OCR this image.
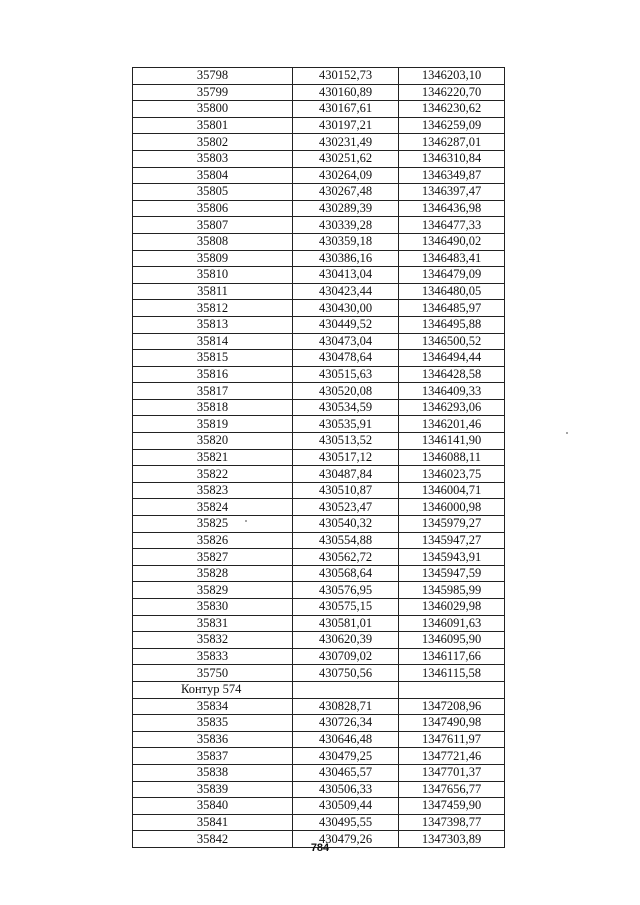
35798	430152,73	1346203,10
35799	430160,89	1346220,70
35800	430167,61	1346230,62
35801	430197,21	1346259,09
35802	430231,49	1346287,01
35803	430251,62	1346310,84
35804	430264,09	1346349,87
35805	430267,48	1346397,47
35806	430289,39	1346436,98
35807	430339,28	1346477,33
35808	430359,18	1346490,02
35809	430386,16	1346483,41
35810	430413,04	1346479,09
35811	430423,44	1346480,05
35812	430430,00	1346485,97
35813	430449,52	1346495,88
35814	430473,04	1346500,52
35815	430478,64	1346494,44
35816	430515,63	1346428,58
35817	430520,08	1346409,33
35818	430534,59	1346293,06
35819	430535,91	1346201,46
35820	430513,52	1346141,90
35821	430517,12	1346088,11
35822	430487,84	1346023,75
35823	430510,87	1346004,71
35824	430523,47	1346000,98
35825	430540,32	1345979,27
35826	430554,88	1345947,27
35827	430562,72	1345943,91
35828	430568,64	1345947,59
35829	430576,95	1345985,99
35830	430575,15	1346029,98
35831	430581,01	1346091,63
35832	430620,39	1346095,90
35833	430709,02	1346117,66
35750	430750,56	1346115,58
Контур 574		
35834	430828,71	1347208,96
35835	430726,34	1347490,98
35836	430646,48	1347611,97
35837	430479,25	1347721,46
35838	430465,57	1347701,37
35839	430506,33	1347656,77
35840	430509,44	1347459,90
35841	430495,55	1347398,77
35842	430479,26	1347303,89
784
